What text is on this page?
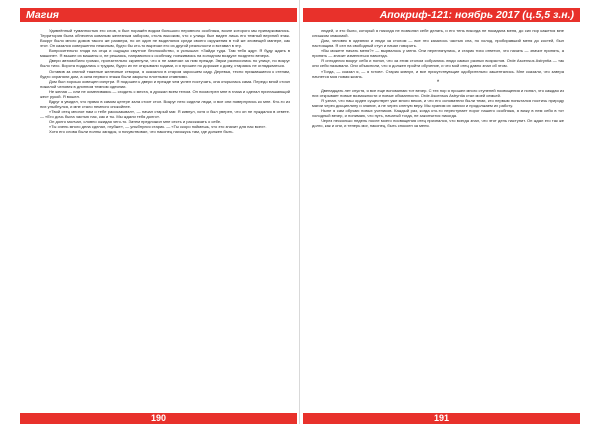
Магия

Удивлённый туманностью его слов, я был поражён видом большого неровного особняка, возле которого мы припарковались. Территория была обнесена кованым железным забором, столь высоким, что с улицы был виден лишь его темный верхний этаж. Вокруг было много домов такого же размера, но он один не выделялся среди своего окружения в той же зловещей манере, как этот. Он казался совершенно нежилым, будто бы кто-то вырезал его из другой реальности и вставил в эту.

Вопросительно глядя на отца и ощущая смутное беспокойство, я услышал: «Зайди туда. Там тебя ждут. Я буду ждать в машине». Я вышел из машины и, не решаясь, направился к особняку, поеживаясь на холодном воздухе позднего вечера.

Двери автомобиля громко, пронзительно скрипнули, что я не замечал за ним прежде. Звуки разносились по улице, но вокруг было тихо. Ворота поддались с трудом, будто их не открывали годами, и я прошел по дорожке к дому, стараясь не оглядываться.

Оставив за спиной тяжелые железные створки, я оказался в старом заросшем саду. Деревья, тесно прижавшиеся к стенам, будто охраняли дом, а окна первого этажа были закрыты плотными ставнями.

Дом был хорошо освещен изнутри. Я подошел к двери и прежде чем успел постучать, она открылась сама. Передо мной стоял пожилой человек в длинном темном одеянии.

Не желая — или не осмеливаясь — сходить с места, я дрожал всем телом. Он посмотрел мне в глаза и сделал приглашающий жест рукой. Я вошел.

Вдруг я увидел, что прямо в самом центре зала стоит стол. Вокруг него сидели люди, и все они повернулись ко мне. Кто-то из них улыбнулся, и мне стало немного спокойнее.

«Твой отец многое нам о тебе рассказывал», — начал старый маг. Я кивнул, хотя и был уверен, что он не нуждался в ответе. — «Его дочь была частью нас, как и ты. Мы ждали тебя долго».

Он долго молчал, словно ожидая чего-то. Затем предложил мне сесть и рассказать о себе.

«Ты очень много дела сделал, глубже», — улыбнулся старик. — «Ты скоро поймешь, что это значит для нас всех».

Хотя его слова были полны загадок, я почувствовал, что наконец нахожусь там, где должен быть.

190
Апокриф-121: ноябрь 2017 (ц.5,5 з.н.)

людей, и это было, который я никогда не позволял себе делать, и его тень никогда не покидала меня, до сих пор кажется мне слишком знакомой.

Дом, человек в одеянии и люди за столом — все это казалось частью сна, но холод, пробиравший меня до костей, был настоящим. Я сел на свободный стул и начал говорить.

«Вы можете начать меня?» — вырвалось у меня. Они переглянулись, и старик тихо ответил, что начать — значит принять, а принять — значит измениться навсегда.

Я огляделся вокруг себя и понял, что за этим столом собрались люди самых разных возрастов. Orde Ascensus Astryntia — так они себя называли. Они объяснили, что я должен пройти обучение, и что мой отец давно знал об этом.

«Тогда, — сказал я, — я готов». Старик кивнул, и все присутствующие одобрительно зашептались. Мне сказали, что завтра начнется моя новая жизнь.

*

Двенадцать лет спустя, я все еще вспоминаю тот вечер. С тех пор я прошел много ступеней посвящения и понял, что каждая из них открывает новые возможности и новые обязанности. Orde Ascensus Astryntia стал моей семьей.

Я узнал, что наш орден существует уже много веков, и что его основатели были теми, кто первым попытался постичь природу магии через дисциплину и знание, а не через слепую веру. Мы храним их записи и продолжаем их работу.

Ныне я сам обучаю новых учеников. Каждый раз, когда кто-то переступает порог нашего особняка, я вижу в нем себя в тот холодный вечер, и понимаю, что путь, начатый тогда, не закончится никогда.

Через несколько недель после моего посвящения отец признался, что всегда знал, что этот день наступит. Он ждал его так же долго, как и они, и теперь мог, наконец, быть спокоен за меня.

191
